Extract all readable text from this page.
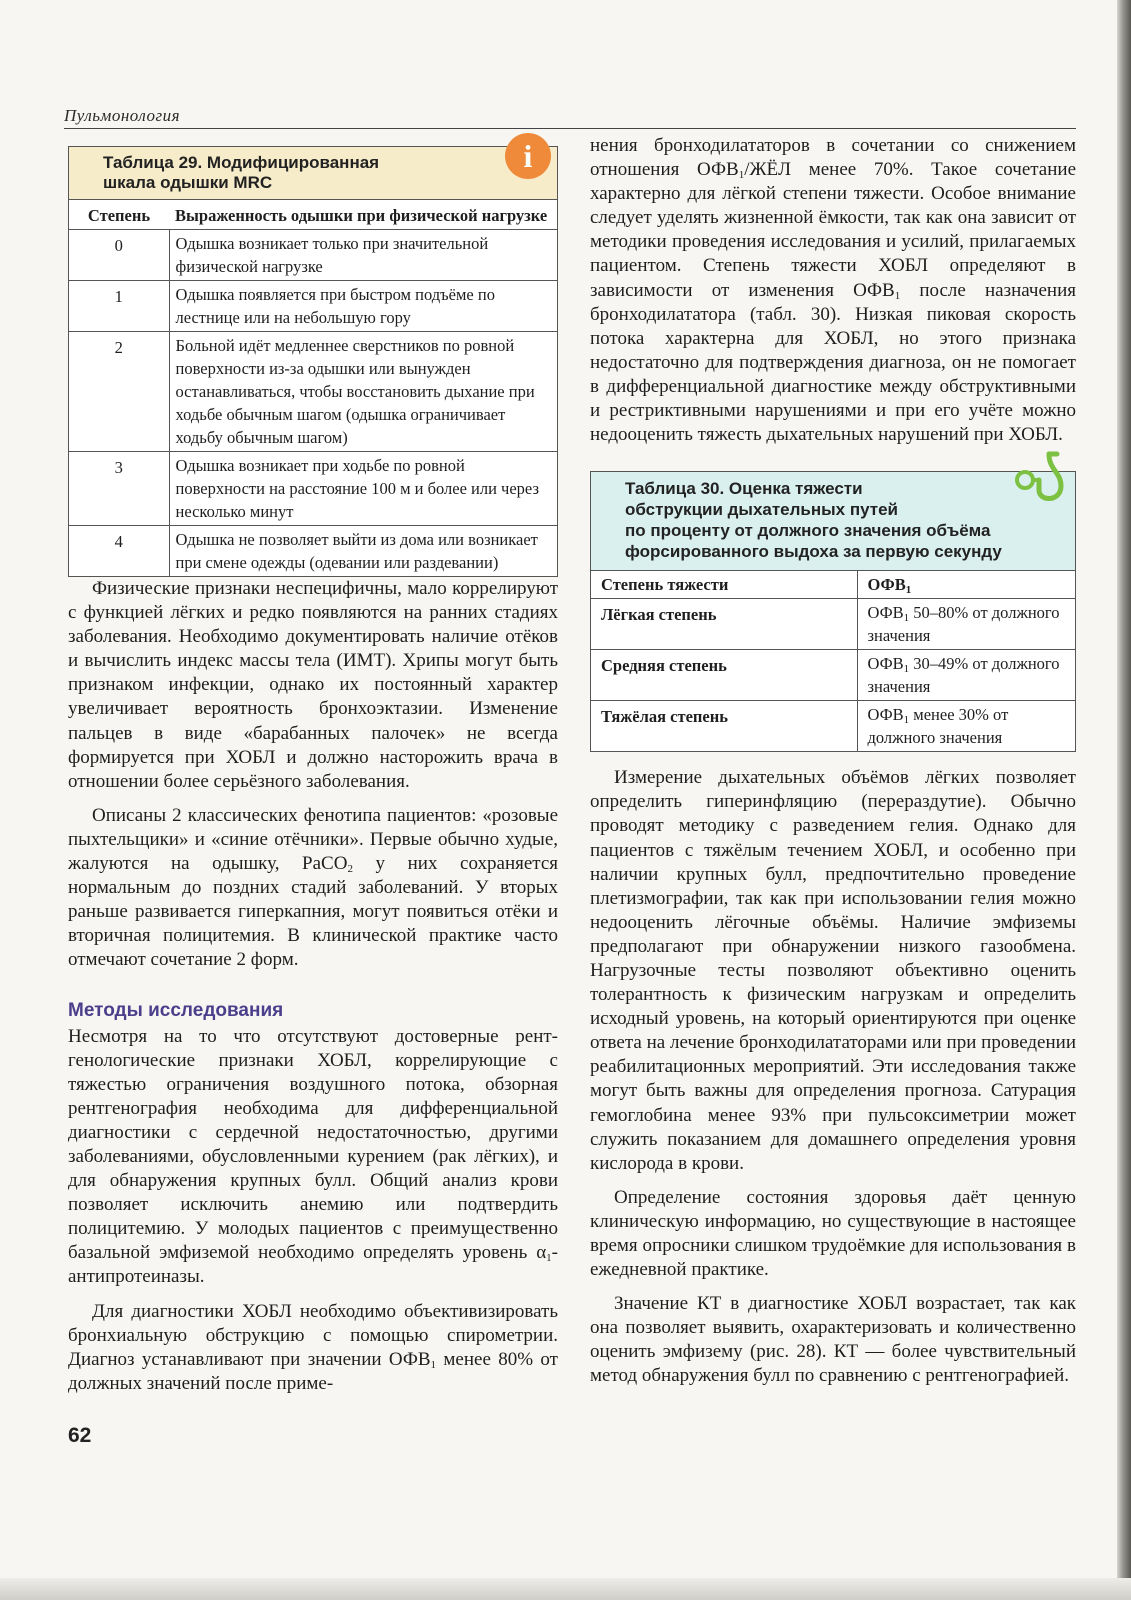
Пульмонология
i
Таблица 29. Модифицированная
шкала одышки MRC
Степень	Выраженность одышки при физической нагрузке
0	Одышка возникает только при значительной физической нагрузке
1	Одышка появляется при быстром подъёме по лестнице или на небольшую гору
2	Больной идёт медленнее сверстников по ровной поверхности из-за одышки или вынужден останавливаться, чтобы восстановить дыхание при ходьбе обычным шагом (одышка ограничивает ходьбу обычным шагом)
3	Одышка возникает при ходьбе по ровной поверхности на расстояние 100 м и более или через несколько минут
4	Одышка не позволяет выйти из дома или возникает при смене одежды (одевании или раздевании)

Физические признаки неспецифичны, мало коррелируют с функцией лёгких и редко появляются на ранних стадиях заболевания. Необходимо документировать наличие отёков и вычислить индекс массы тела (ИМТ). Хрипы могут быть признаком инфекции, однако их постоянный характер увеличивает вероятность бронхоэктазии. Изменение пальцев в виде «барабанных палочек» не всегда формируется при ХОБЛ и должно насторожить врача в отношении более серьёзного заболевания.

Описаны 2 классических фенотипа пациентов: «розовые пыхтельщики» и «синие отёчники». Первые обычно худые, жалуются на одышку, PaCO$_2$ у них сохраняется нормальным до поздних стадий заболеваний. У вторых раньше развивается гиперкапния, могут появиться отёки и вторичная полицитемия. В клинической практике часто отмечают сочетание 2 форм.

Методы исследования

Несмотря на то что отсутствуют достоверные рентгенологические признаки ХОБЛ, коррелирующие с тяжестью ограничения воздушного потока, обзорная рентгенография необходима для дифференциальной диагностики с сердечной недостаточностью, другими заболеваниями, обусловленными курением (рак лёгких), и для обнаружения крупных булл. Общий анализ крови позволяет исключить анемию или подтвердить полицитемию. У молодых пациентов с преимущественно базальной эмфиземой необходимо определять уровень $\alpha_1$-антипротеиназы.

Для диагностики ХОБЛ необходимо объективизировать бронхиальную обструкцию с помощью спирометрии. Диагноз устанавливают при значении $ОФВ_1$ менее 80% от должных значений после приме-

62

нения бронходилататоров в сочетании со снижением отношения $ОФВ_1$/ЖЁЛ менее 70%. Такое сочетание характерно для лёгкой степени тяжести. Особое внимание следует уделять жизненной ёмкости, так как она зависит от методики проведения исследования и усилий, прилагаемых пациентом. Степень тяжести ХОБЛ определяют в зависимости от изменения $ОФВ_1$ после назначения бронходилататора (табл. 30). Низкая пиковая скорость потока характерна для ХОБЛ, но этого признака недостаточно для подтверждения диагноза, он не помогает в дифференциальной диагностике между обструктивными и рестриктивными нарушениями и при его учёте можно недооценить тяжесть дыхательных нарушений при ХОБЛ.

Таблица 30. Оценка тяжести
обструкции дыхательных путей
по проценту от должного значения объёма
форсированного выдоха за первую секунду
Степень тяжести	$ОФВ_1$
Лёгкая степень	$ОФВ_1$ 50–80% от должного значения
Средняя степень	$ОФВ_1$ 30–49% от должного значения
Тяжёлая степень	$ОФВ_1$ менее 30% от должного значения

Измерение дыхательных объёмов лёгких позволяет определить гиперинфляцию (перераздутие). Обычно проводят методику с разведением гелия. Однако для пациентов с тяжёлым течением ХОБЛ, и особенно при наличии крупных булл, предпочтительно проведение плетизмографии, так как при использовании гелия можно недооценить лёгочные объёмы. Наличие эмфиземы предполагают при обнаружении низкого газообмена. Нагрузочные тесты позволяют объективно оценить толерантность к физическим нагрузкам и определить исходный уровень, на который ориентируются при оценке ответа на лечение бронходилататорами или при проведении реабилитационных мероприятий. Эти исследования также могут быть важны для определения прогноза. Сатурация гемоглобина менее 93% при пульсоксиметрии может служить показанием для домашнего определения уровня кислорода в крови.

Определение состояния здоровья даёт ценную клиническую информацию, но существующие в настоящее время опросники слишком трудоёмкие для использования в ежедневной практике.

Значение КТ в диагностике ХОБЛ возрастает, так как она позволяет выявить, охарактеризовать и количественно оценить эмфизему (рис. 28). КТ — более чувствительный метод обнаружения булл по сравнению с рентгенографией.
